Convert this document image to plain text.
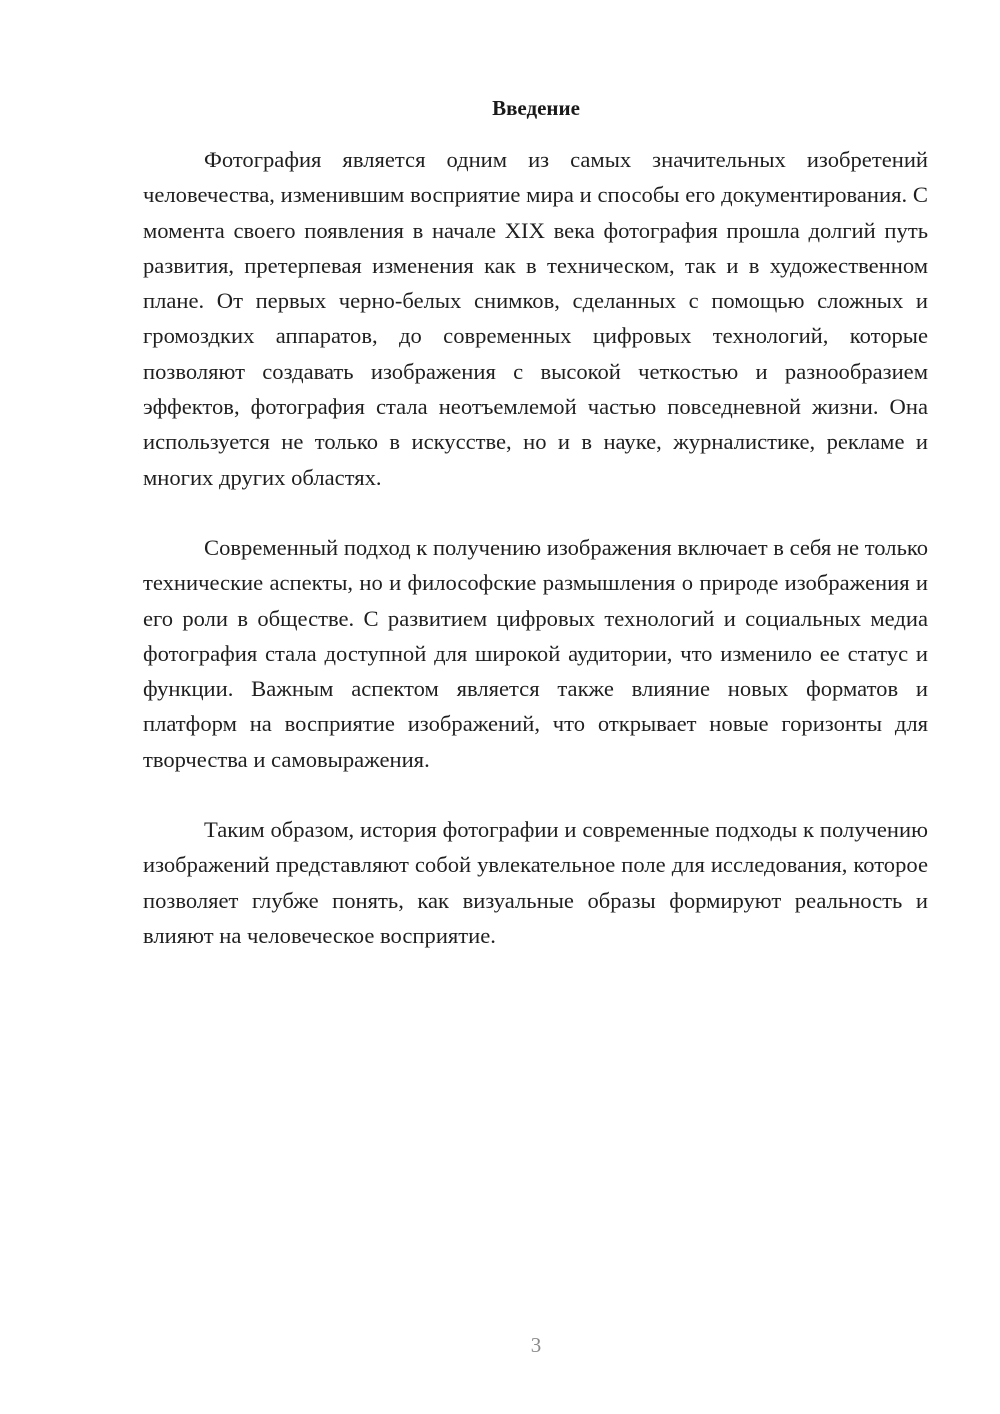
Введение

Фотография является одним из самых значительных изобретений человечества, изменившим восприятие мира и способы его документирования. С момента своего появления в начале XIX века фотография прошла долгий путь развития, претерпевая изменения как в техническом, так и в художественном плане. От первых черно-белых снимков, сделанных с помощью сложных и громоздких аппаратов, до современных цифровых технологий, которые позволяют создавать изображения с высокой четкостью и разнообразием эффектов, фотография стала неотъемлемой частью повседневной жизни. Она используется не только в искусстве, но и в науке, журналистике, рекламе и многих других областях.

Современный подход к получению изображения включает в себя не только технические аспекты, но и философские размышления о природе изображения и его роли в обществе. С развитием цифровых технологий и социальных медиа фотография стала доступной для широкой аудитории, что изменило ее статус и функции. Важным аспектом является также влияние новых форматов и платформ на восприятие изображений, что открывает новые горизонты для творчества и самовыражения.

Таким образом, история фотографии и современные подходы к получению изображений представляют собой увлекательное поле для исследования, которое позволяет глубже понять, как визуальные образы формируют реальность и влияют на человеческое восприятие.

3
